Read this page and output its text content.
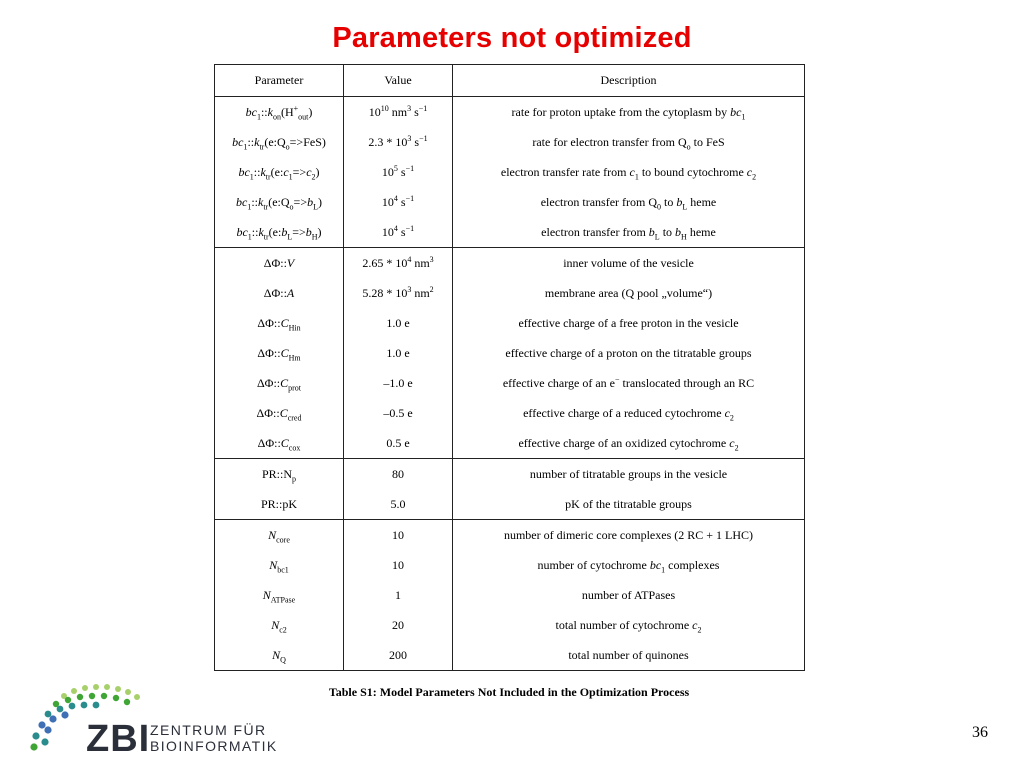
Parameters not optimized
Parameter	Value	Description
$bc_1::k_{on}(H^+_{out})$	$10^{10}$ $nm^3$ $s^{-1}$	rate for proton uptake from the cytoplasm by $bc_1$
$bc_1::k_{tr}(e:Q_o=>FeS)$	$2.3 * 10^3$ $s^{-1}$	rate for electron transfer from $Q_o$ to FeS
$bc_1::k_{tr}(e:c_1=>c_2)$	$10^5$ $s^{-1}$	electron transfer rate from $c_1$ to bound cytochrome $c_2$
$bc_1::k_{tr}(e:Q_o=>b_L)$	$10^4$ $s^{-1}$	electron transfer from $Q_0$ to $b_L$ heme
$bc_1::k_{tr}(e:b_L=>b_H)$	$10^4$ $s^{-1}$	electron transfer from $b_L$ to $b_H$ heme
ΔΦ::V	$2.65 * 10^4$ $nm^3$	inner volume of the vesicle
ΔΦ::A	$5.28 * 10^3$ $nm^2$	membrane area (Q pool „volume“)
$\Delta\Phi::C_{Hin}$	1.0 e	effective charge of a free proton in the vesicle
$\Delta\Phi::C_{Hm}$	1.0 e	effective charge of a proton on the titratable groups
$\Delta\Phi::C_{prot}$	–1.0 e	effective charge of an e− translocated through an RC
$\Delta\Phi::C_{cred}$	–0.5 e	effective charge of a reduced cytochrome $c_2$
$\Delta\Phi::C_{cox}$	0.5 e	effective charge of an oxidized cytochrome $c_2$
$PR::N_p$	80	number of titratable groups in the vesicle
PR::pK	5.0	pK of the titratable groups
$N_{core}$	10	number of dimeric core complexes (2 RC + 1 LHC)
$N_{bc1}$	10	number of cytochrome $bc_1$ complexes
$N_{ATPase}$	1	number of ATPases
$N_{c2}$	20	total number of cytochrome $c_2$
$N_Q$	200	total number of quinones
Table S1: Model Parameters Not Included in the Optimization Process
ZBI ZENTRUM FÜR
BIOINFORMATIK
36
